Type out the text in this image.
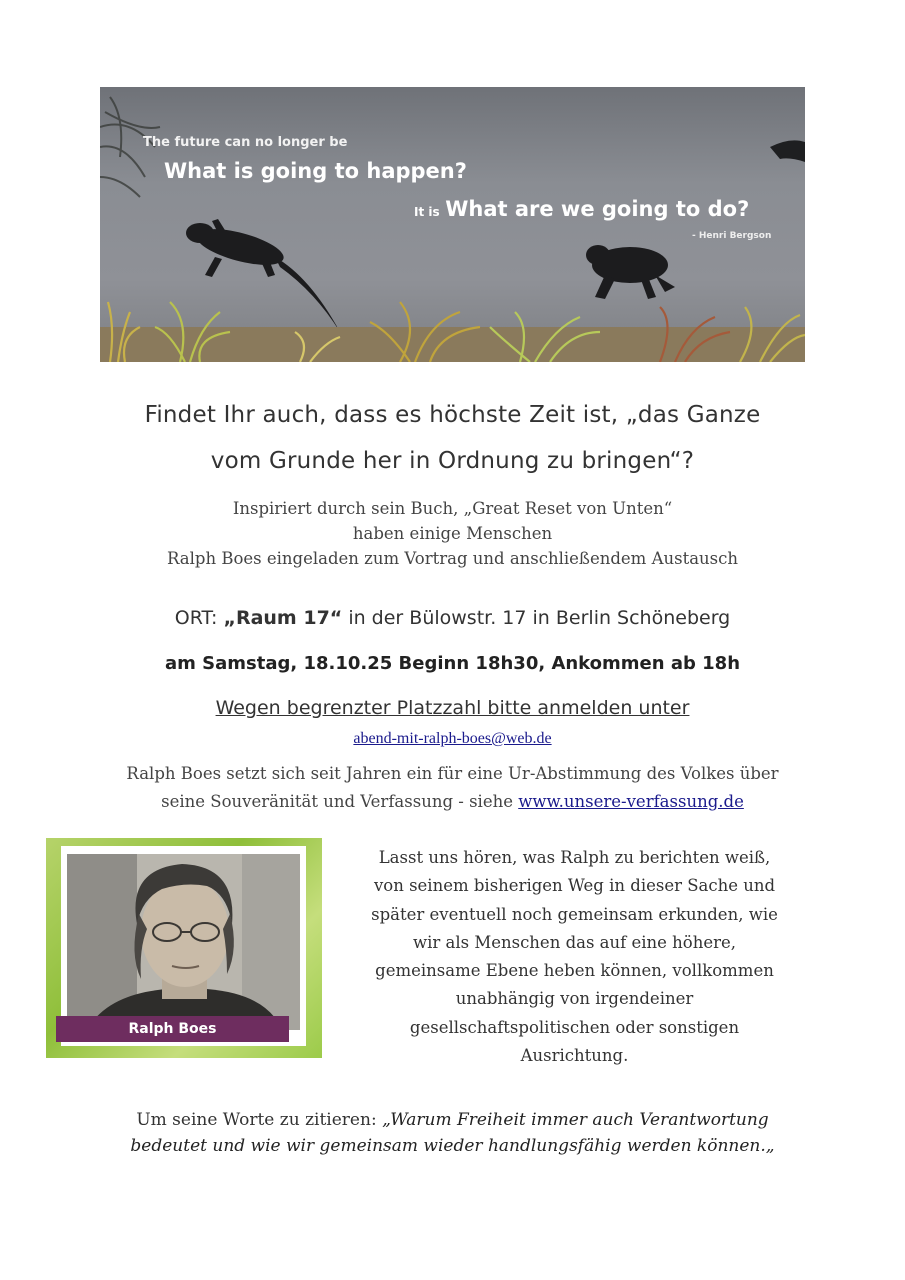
The future can no longer be
What is going to happen?
It is What are we going to do?
- Henri Bergson
Findet Ihr auch, dass es höchste Zeit ist, „das Ganze
vom Grunde her in Ordnung zu bringen“?
Inspiriert durch sein Buch, „Great Reset von Unten“
haben einige Menschen
Ralph Boes eingeladen zum Vortrag und anschließendem Austausch
ORT: „Raum 17“ in der Bülowstr. 17 in Berlin Schöneberg
am Samstag, 18.10.25 Beginn 18h30, Ankommen ab 18h
Wegen begrenzter Platzzahl bitte anmelden unter
abend-mit-ralph-boes@web.de
Ralph Boes setzt sich seit Jahren ein für eine Ur-Abstimmung des Volkes über
seine Souveränität und Verfassung - siehe www.unsere-verfassung.de
Ralph Boes
Lasst uns hören, was Ralph zu berichten weiß,
von seinem bisherigen Weg in dieser Sache und
später eventuell noch gemeinsam erkunden, wie
wir als Menschen das auf eine höhere,
gemeinsame Ebene heben können, vollkommen
unabhängig von irgendeiner
gesellschaftspolitischen oder sonstigen
Ausrichtung.
Um seine Worte zu zitieren: „Warum Freiheit immer auch Verantwortung
bedeutet und wie wir gemeinsam wieder handlungsfähig werden können.„
